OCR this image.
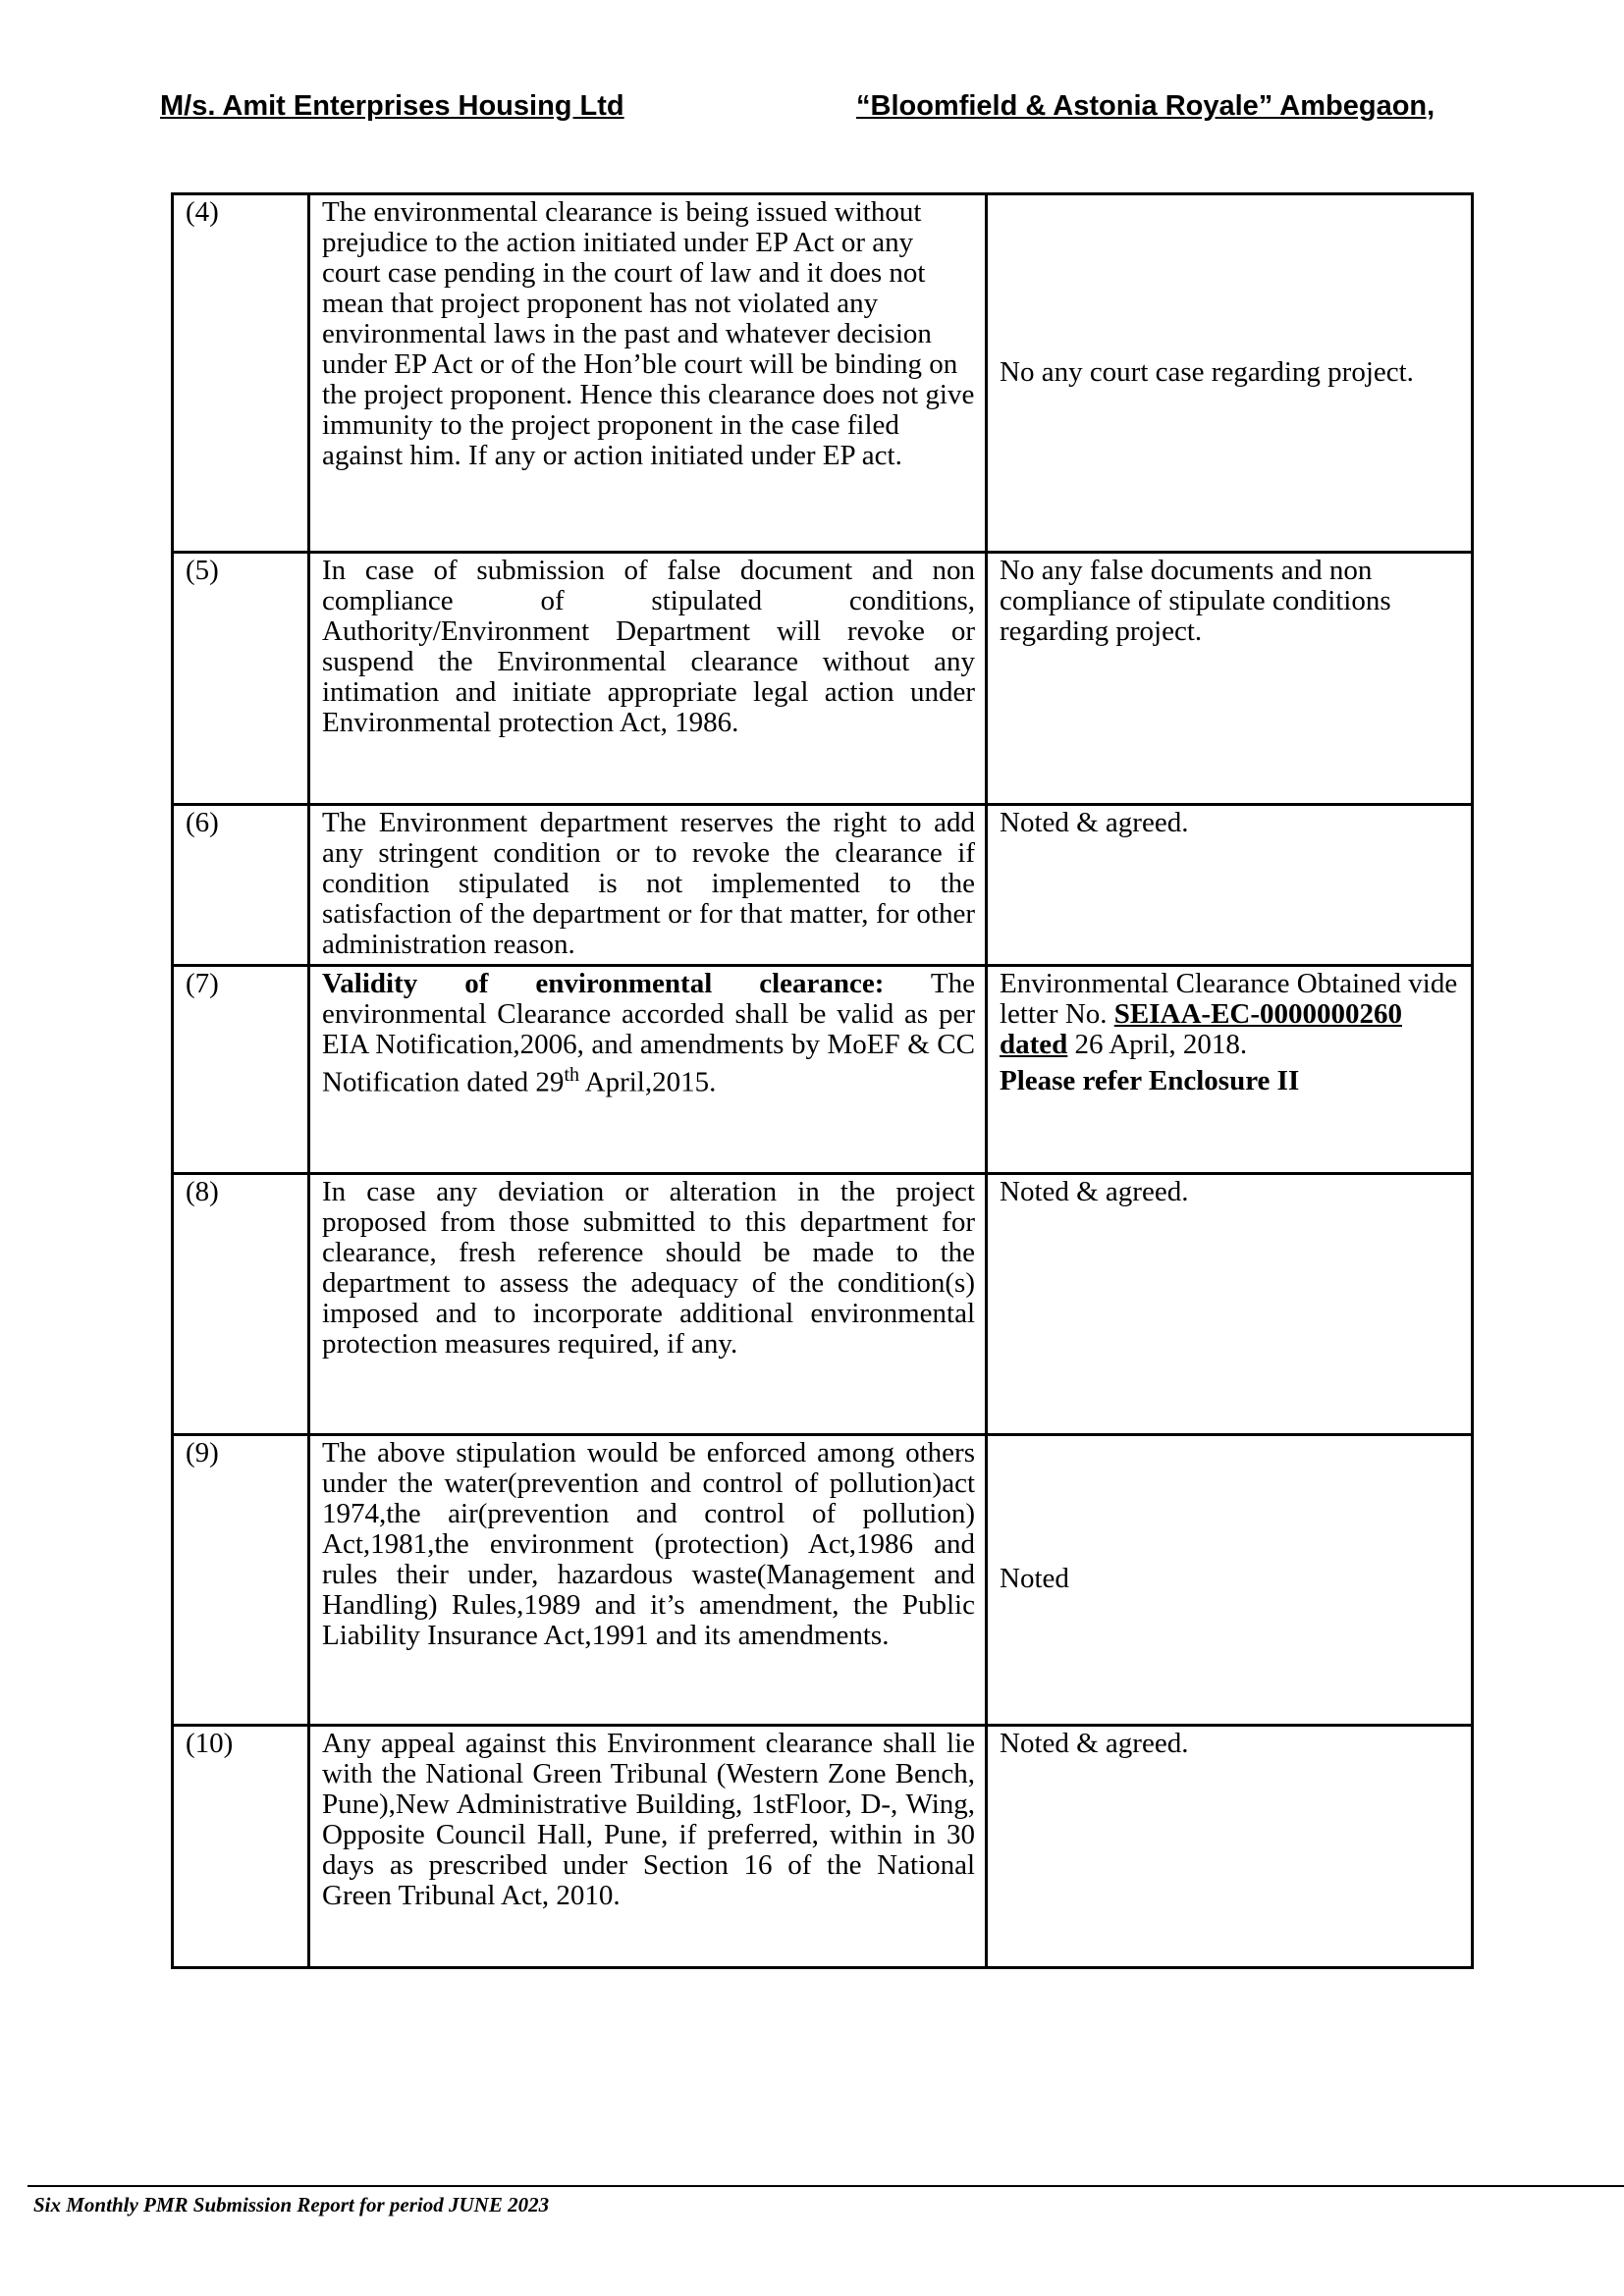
M/s. Amit Enterprises Housing Ltd	“Bloomfield & Astonia Royale” Ambegaon,
(4)	The environmental clearance is being issued without prejudice to the action initiated under EP Act or any court case pending in the court of law and it does not mean that project proponent has not violated any environmental laws in the past and whatever decision under EP Act or of the Hon’ble court will be binding on the project proponent. Hence this clearance does not give immunity to the project proponent in the case filed against him. If any or action initiated under EP act.	No any court case regarding project.
(5)	In case of submission of false document and non compliance of stipulated conditions, Authority/Environment Department will revoke or suspend the Environmental clearance without any intimation and initiate appropriate legal action under Environmental protection Act, 1986.	No any false documents and non compliance of stipulate conditions regarding project.
(6)	The Environment department reserves the right to add any stringent condition or to revoke the clearance if condition stipulated is not implemented to the satisfaction of the department or for that matter, for other administration reason.	Noted & agreed.
(7)	Validity of environmental clearance: The environmental Clearance accorded shall be valid as per EIA Notification,2006, and amendments by MoEF & CC Notification dated 29th April,2015.	Environmental Clearance Obtained vide letter No. SEIAA-EC-0000000260 dated 26 April, 2018.
Please refer Enclosure II

(8)	In case any deviation or alteration in the project proposed from those submitted to this department for clearance, fresh reference should be made to the department to assess the adequacy of the condition(s) imposed and to incorporate additional environmental protection measures required, if any.	Noted & agreed.
(9)	The above stipulation would be enforced among others under the water(prevention and control of pollution)act 1974,the air(prevention and control of pollution) Act,1981,the environment (protection) Act,1986 and rules their under, hazardous waste(Management and Handling) Rules,1989 and it’s amendment, the Public Liability Insurance Act,1991 and its amendments.	Noted
(10)	Any appeal against this Environment clearance shall lie with the National Green Tribunal (Western Zone Bench, Pune),New Administrative Building, 1stFloor, D-, Wing, Opposite Council Hall, Pune, if preferred, within in 30 days as prescribed under Section 16 of the National Green Tribunal Act, 2010.	Noted & agreed.
Six Monthly PMR Submission Report for period JUNE 2023
